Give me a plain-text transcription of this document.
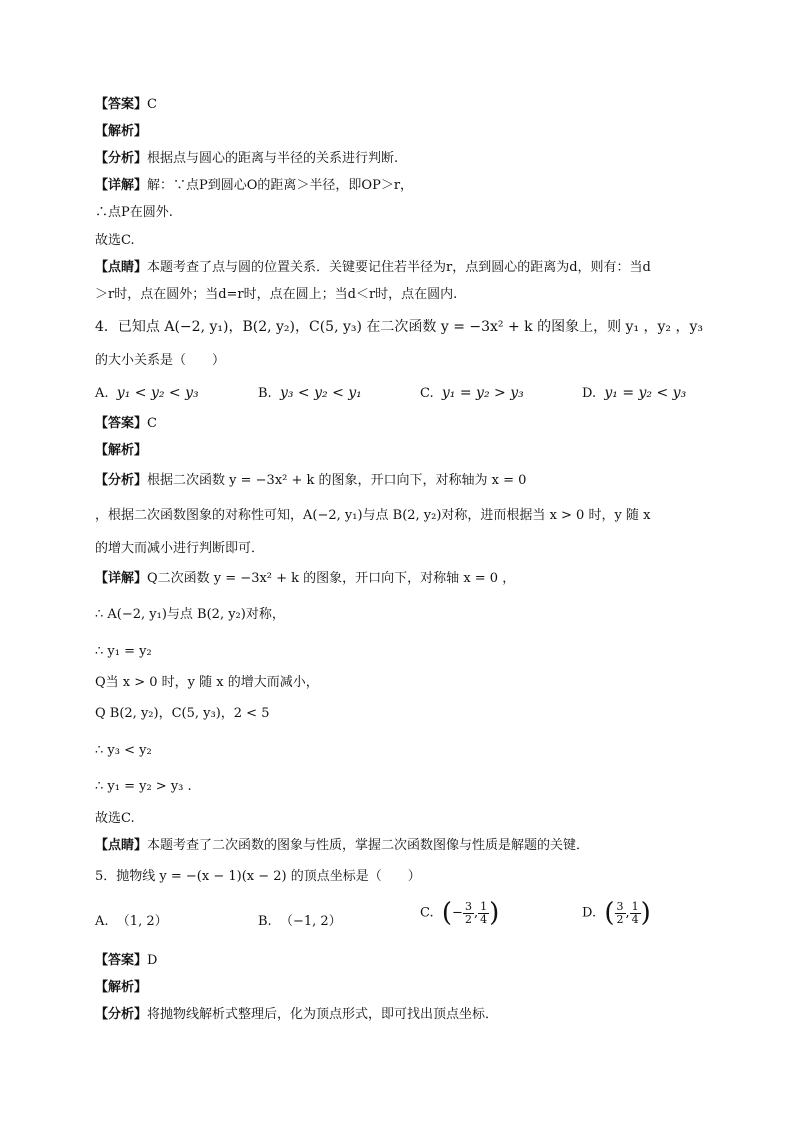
【答案】C
【解析】
【分析】根据点与圆心的距离与半径的关系进行判断.
【详解】解：∵点P到圆心O的距离＞半径，即OP＞r，
∴点P在圆外.
故选C.
【点睛】本题考查了点与圆的位置关系．关键要记住若半径为r，点到圆心的距离为d，则有：当d
＞r时，点在圆外；当d=r时，点在圆上；当d＜r时，点在圆内.
4．已知点 A(−2, y₁)，B(2, y₂)，C(5, y₃) 在二次函数 y = −3x² + k 的图象上，则 y₁ ，y₂ ，y₃
的大小关系是（　　）
A. y₁ < y₂ < y₃	B. y₃ < y₂ < y₁	C. y₁ = y₂ > y₃	D. y₁ = y₂ < y₃
【答案】C
【解析】
【分析】根据二次函数 y = −3x² + k 的图象，开口向下，对称轴为 x = 0
，根据二次函数图象的对称性可知，A(−2, y₁)与点 B(2, y₂)对称，进而根据当 x > 0 时，y 随 x
的增大而减小进行判断即可．
【详解】Q二次函数 y = −3x² + k 的图象，开口向下，对称轴 x = 0 ，
∴ A(−2, y₁)与点 B(2, y₂)对称，
∴ y₁ = y₂
Q当 x > 0 时，y 随 x 的增大而减小，
Q B(2, y₂)，C(5, y₃)，2 < 5
∴ y₃ < y₂
∴ y₁ = y₂ > y₃ .
故选C.
【点睛】本题考查了二次函数的图象与性质，掌握二次函数图像与性质是解题的关键．
5．抛物线 y = −(x − 1)(x − 2) 的顶点坐标是（　　）
A. （1, 2）	B. （−1, 2）
C. (− $\frac{3}{2}$ , $\frac{1}{4}$ )	D. ( $\frac{3}{2}$ , $\frac{1}{4}$ )
【答案】D
【解析】
【分析】将抛物线解析式整理后，化为顶点形式，即可找出顶点坐标．
